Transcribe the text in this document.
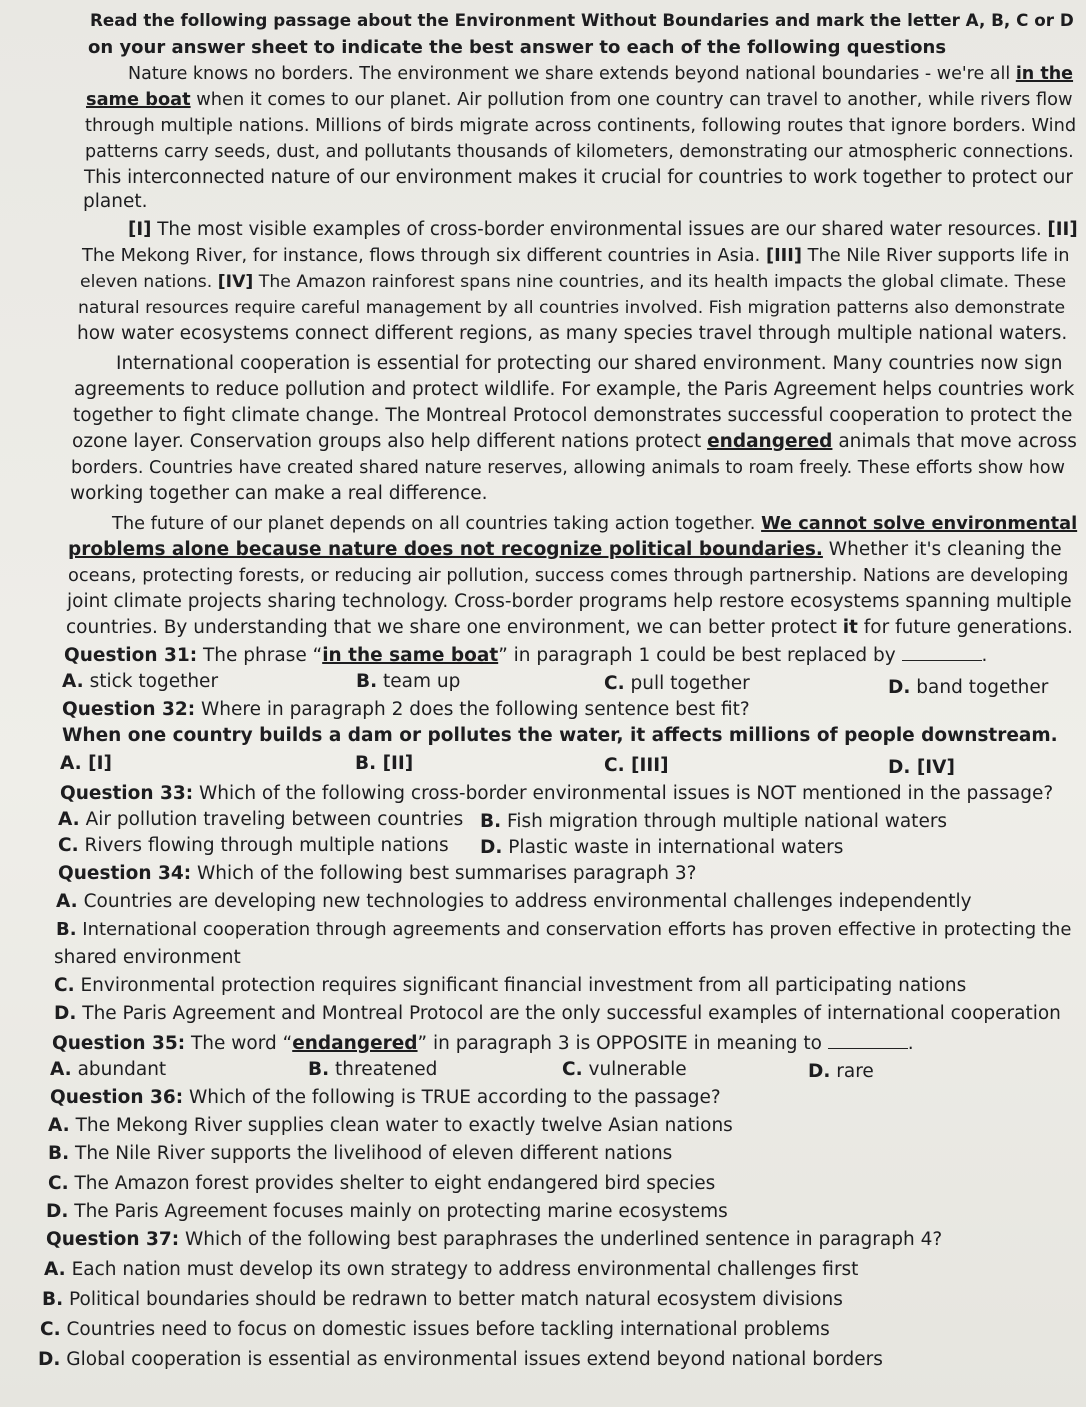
Read the following passage about the Environment Without Boundaries and mark the letter A, B, C or D
on your answer sheet to indicate the best answer to each of the following questions
Nature knows no borders. The environment we share extends beyond national boundaries - we're all in the
same boat when it comes to our planet. Air pollution from one country can travel to another, while rivers flow
through multiple nations. Millions of birds migrate across continents, following routes that ignore borders. Wind
patterns carry seeds, dust, and pollutants thousands of kilometers, demonstrating our atmospheric connections.
This interconnected nature of our environment makes it crucial for countries to work together to protect our
planet.
[I] The most visible examples of cross-border environmental issues are our shared water resources. [II]
The Mekong River, for instance, flows through six different countries in Asia. [III] The Nile River supports life in
eleven nations. [IV] The Amazon rainforest spans nine countries, and its health impacts the global climate. These
natural resources require careful management by all countries involved. Fish migration patterns also demonstrate
how water ecosystems connect different regions, as many species travel through multiple national waters.
International cooperation is essential for protecting our shared environment. Many countries now sign
agreements to reduce pollution and protect wildlife. For example, the Paris Agreement helps countries work
together to fight climate change. The Montreal Protocol demonstrates successful cooperation to protect the
ozone layer. Conservation groups also help different nations protect endangered animals that move across
borders. Countries have created shared nature reserves, allowing animals to roam freely. These efforts show how
working together can make a real difference.
The future of our planet depends on all countries taking action together. We cannot solve environmental
problems alone because nature does not recognize political boundaries. Whether it's cleaning the
oceans, protecting forests, or reducing air pollution, success comes through partnership. Nations are developing
joint climate projects sharing technology. Cross-border programs help restore ecosystems spanning multiple
countries. By understanding that we share one environment, we can better protect it for future generations.
Question 31: The phrase “in the same boat” in paragraph 1 could be best replaced by	.
A. stick together	B. team up	C. pull together	D. band together
Question 32: Where in paragraph 2 does the following sentence best fit?
When one country builds a dam or pollutes the water, it affects millions of people downstream.
A. [I]	B. [II]	C. [III]	D. [IV]
Question 33: Which of the following cross-border environmental issues is NOT mentioned in the passage?
A. Air pollution traveling between countries B. Fish migration through multiple national waters
C. Rivers flowing through multiple nations D. Plastic waste in international waters
Question 34: Which of the following best summarises paragraph 3?
A. Countries are developing new technologies to address environmental challenges independently
B. International cooperation through agreements and conservation efforts has proven effective in protecting the
shared environment
C. Environmental protection requires significant financial investment from all participating nations
D. The Paris Agreement and Montreal Protocol are the only successful examples of international cooperation
Question 35: The word “endangered” in paragraph 3 is OPPOSITE in meaning to	.
A. abundant	B. threatened	C. vulnerable	D. rare
Question 36: Which of the following is TRUE according to the passage?
A. The Mekong River supplies clean water to exactly twelve Asian nations
B. The Nile River supports the livelihood of eleven different nations
C. The Amazon forest provides shelter to eight endangered bird species
D. The Paris Agreement focuses mainly on protecting marine ecosystems
Question 37: Which of the following best paraphrases the underlined sentence in paragraph 4?
A. Each nation must develop its own strategy to address environmental challenges first
B. Political boundaries should be redrawn to better match natural ecosystem divisions
C. Countries need to focus on domestic issues before tackling international problems
D. Global cooperation is essential as environmental issues extend beyond national borders
